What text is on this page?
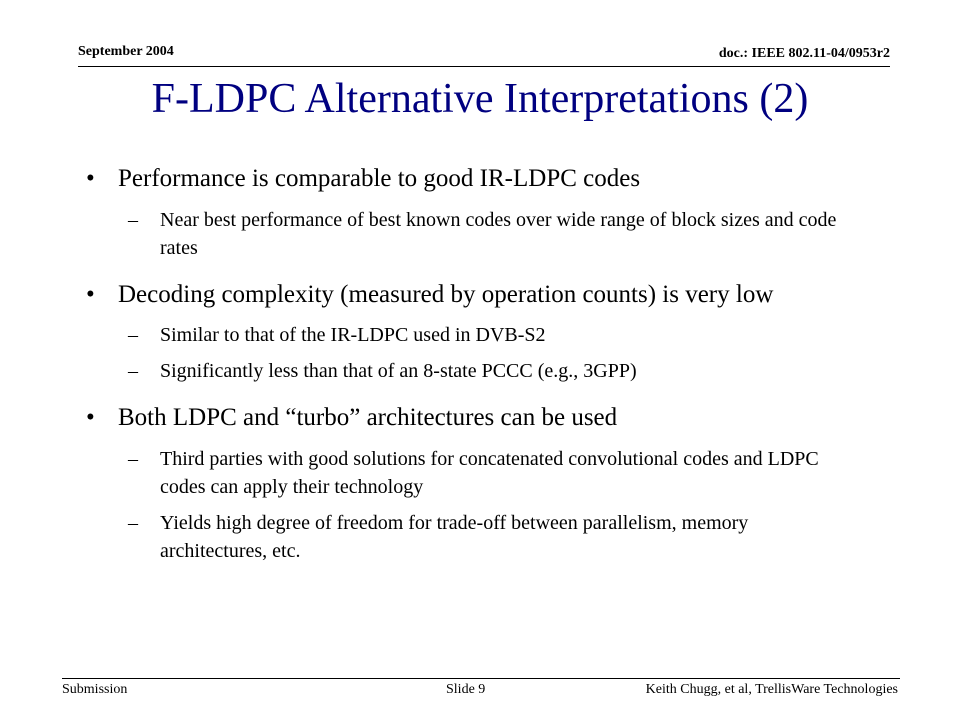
September 2004	doc.: IEEE 802.11-04/0953r2
F-LDPC Alternative Interpretations (2)
• Performance is comparable to good IR-LDPC codes
– Near best performance of best known codes over wide range of block sizes and code rates
• Decoding complexity (measured by operation counts) is very low
– Similar to that of the IR-LDPC used in DVB-S2
– Significantly less than that of an 8-state PCCC (e.g., 3GPP)
• Both LDPC and “turbo” architectures can be used
– Third parties with good solutions for concatenated convolutional codes and LDPC codes can apply their technology
– Yields high degree of freedom for trade-off between parallelism, memory architectures, etc.
Submission	Slide 9	Keith Chugg, et al, TrellisWare Technologies
